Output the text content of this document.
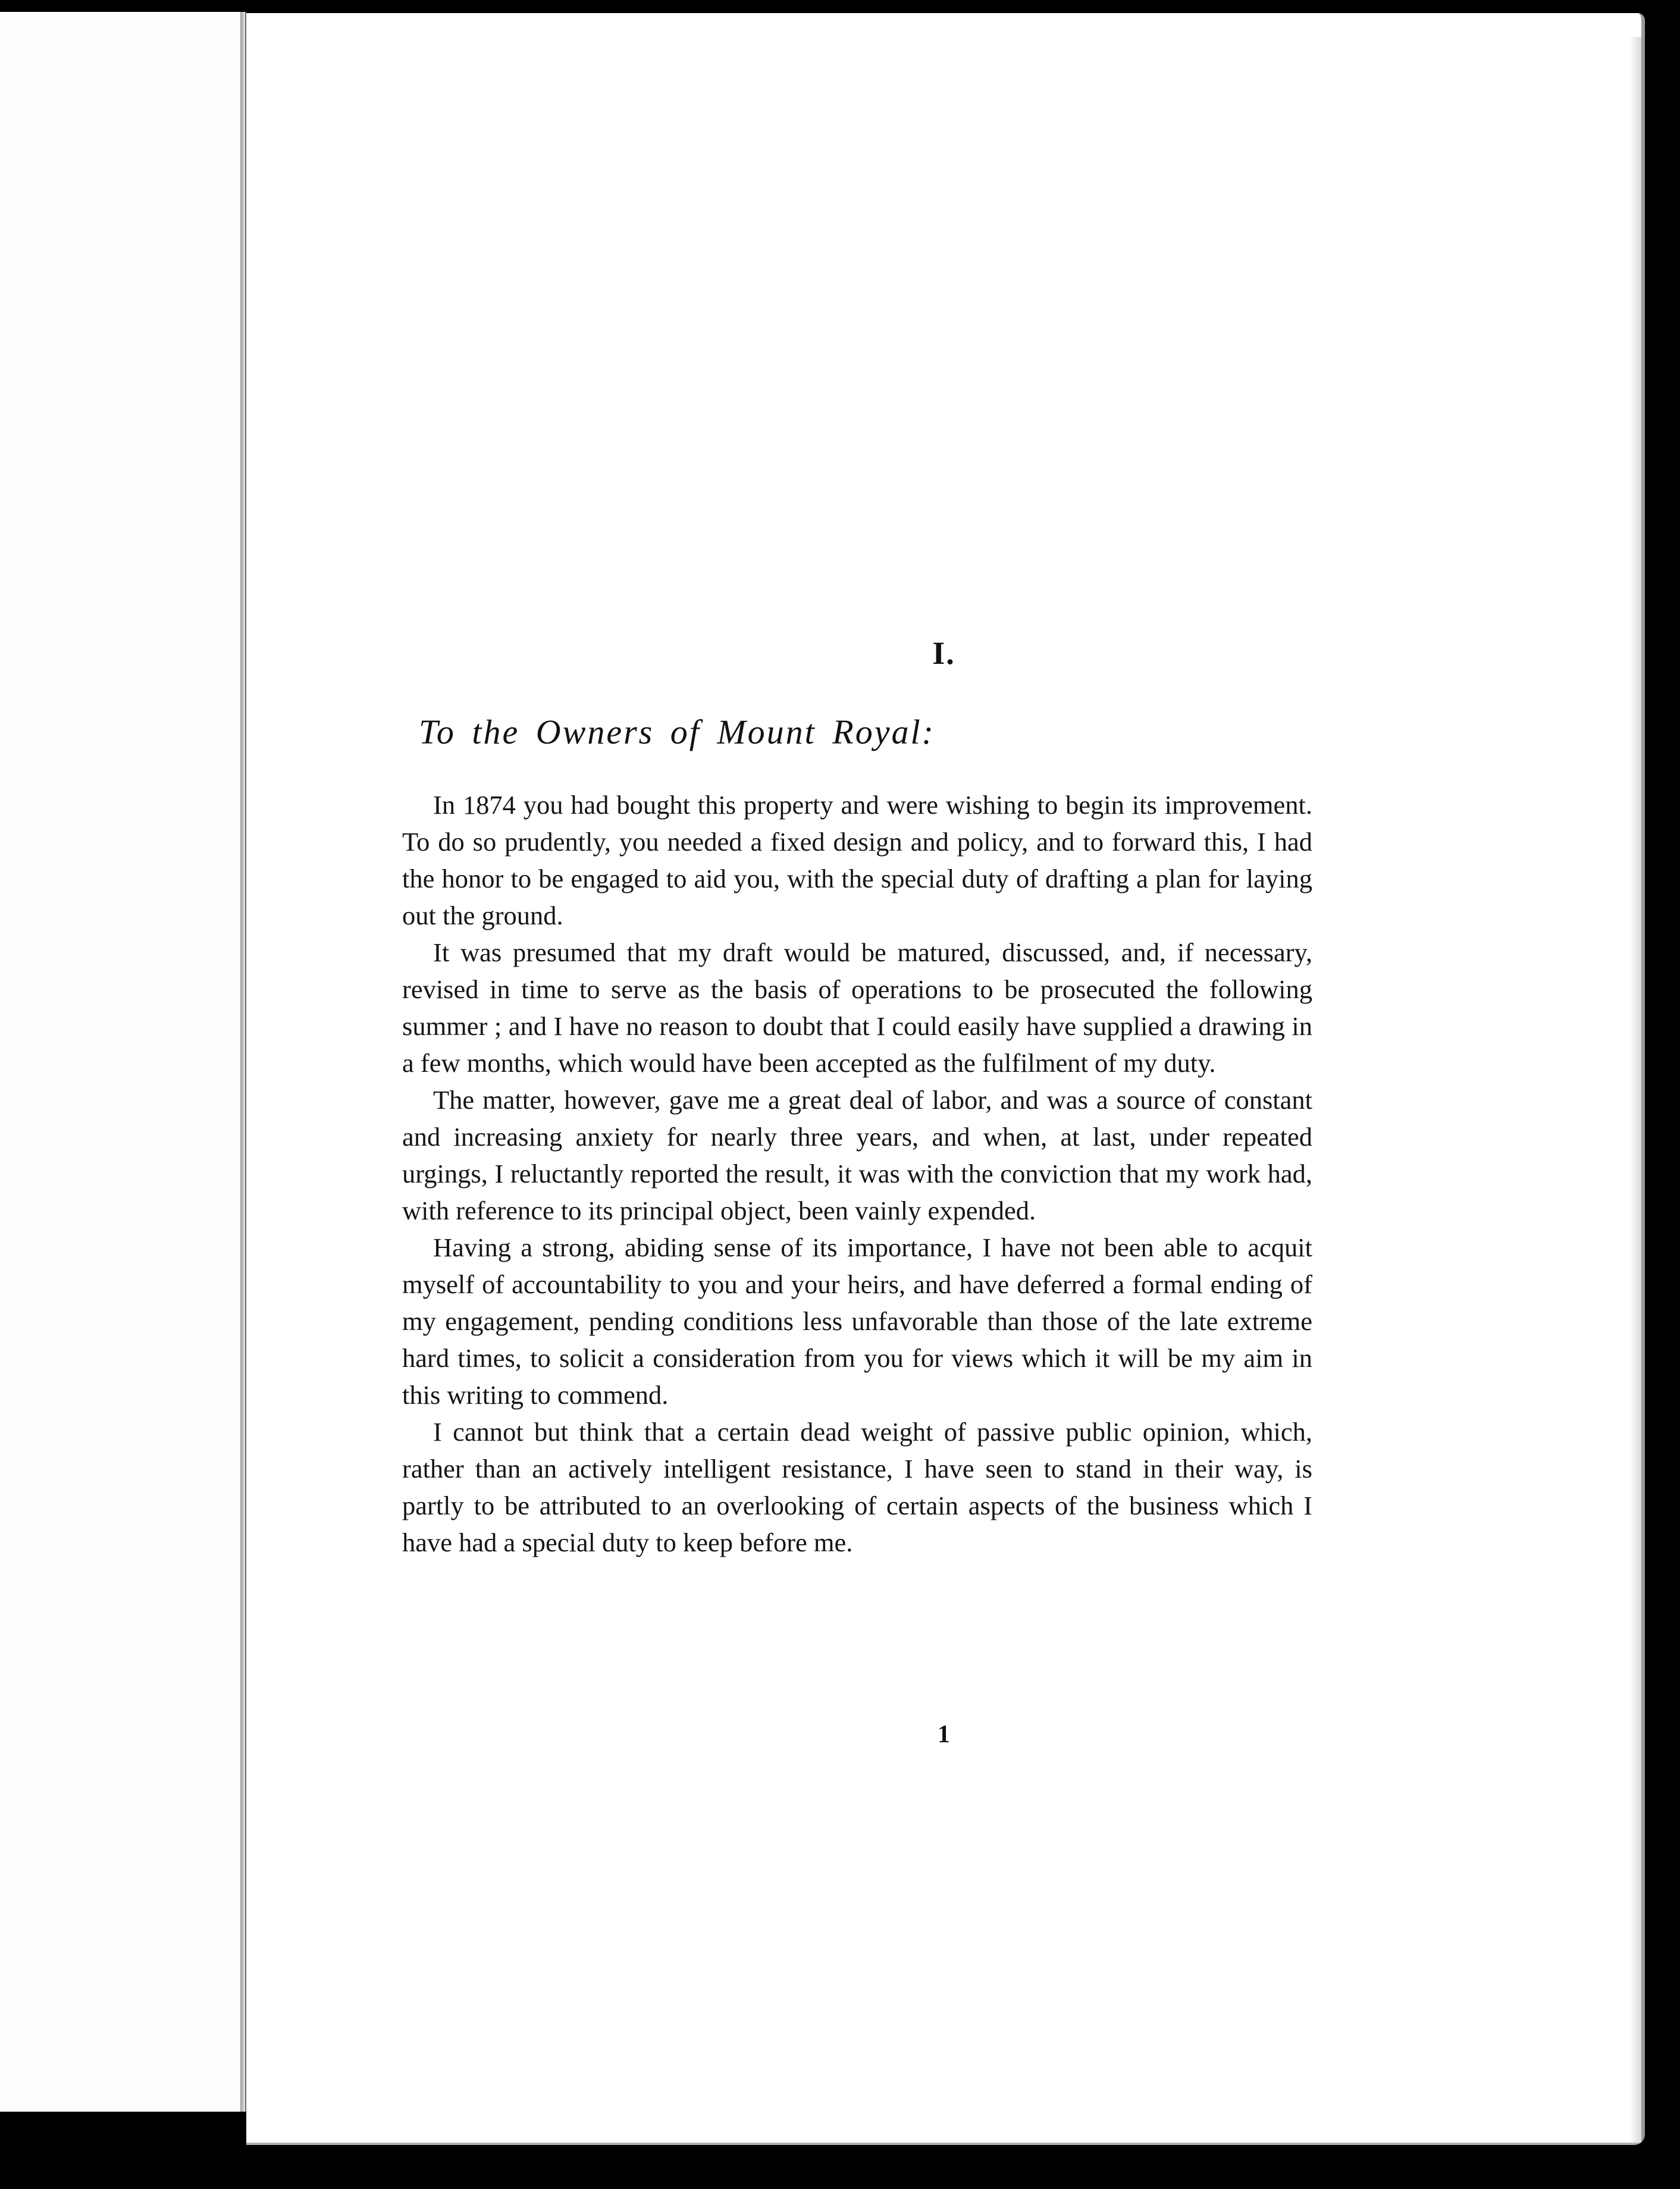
I.
To the Owners of Mount Royal:

In 1874 you had bought this property and were wishing to begin its improvement. To do so prudently, you needed a fixed design and policy, and to forward this, I had the honor to be engaged to aid you, with the special duty of drafting a plan for laying out the ground.

It was presumed that my draft would be matured, discussed, and, if necessary, revised in time to serve as the basis of operations to be prosecuted the following summer ; and I have no reason to doubt that I could easily have supplied a drawing in a few months, which would have been accepted as the fulfilment of my duty.

The matter, however, gave me a great deal of labor, and was a source of constant and increasing anxiety for nearly three years, and when, at last, under repeated urgings, I reluctantly reported the result, it was with the conviction that my work had, with reference to its principal object, been vainly expended.

Having a strong, abiding sense of its importance, I have not been able to acquit myself of accountability to you and your heirs, and have deferred a formal ending of my engagement, pending conditions less unfavorable than those of the late extreme hard times, to solicit a consideration from you for views which it will be my aim in this writing to commend.

I cannot but think that a certain dead weight of passive public opinion, which, rather than an actively intelligent resistance, I have seen to stand in their way, is partly to be attributed to an overlooking of certain aspects of the business which I have had a special duty to keep before me.

1
